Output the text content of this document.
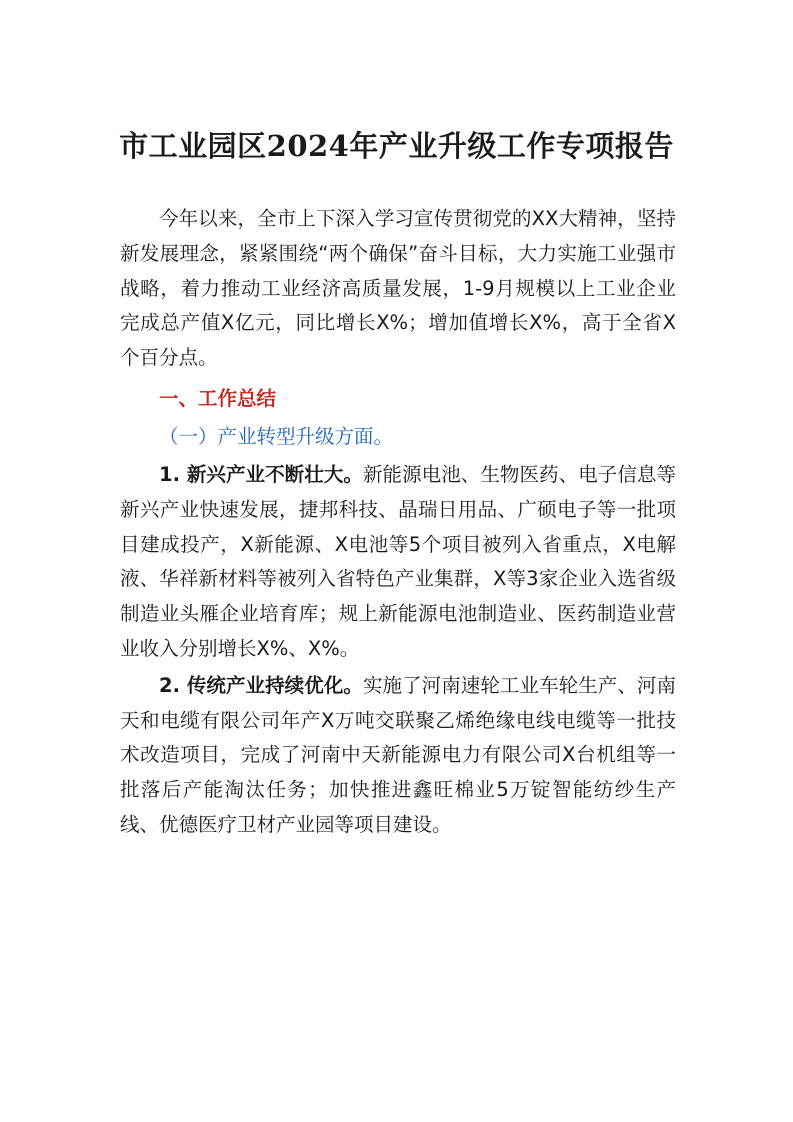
市工业园区2024年产业升级工作专项报告

今年以来，全市上下深入学习宣传贯彻党的XX大精神，坚持新发展理念，紧紧围绕“两个确保”奋斗目标，大力实施工业强市战略，着力推动工业经济高质量发展，1-9月规模以上工业企业完成总产值X亿元，同比增长X%；增加值增长X%，高于全省X个百分点。

一、工作总结

（一）产业转型升级方面。

1. 新兴产业不断壮大。新能源电池、生物医药、电子信息等新兴产业快速发展，捷邦科技、晶瑞日用品、广硕电子等一批项目建成投产，X新能源、X电池等5个项目被列入省重点，X电解液、华祥新材料等被列入省特色产业集群，X等3家企业入选省级制造业头雁企业培育库；规上新能源电池制造业、医药制造业营业收入分别增长X%、X%。

2. 传统产业持续优化。实施了河南速轮工业车轮生产、河南天和电缆有限公司年产X万吨交联聚乙烯绝缘电线电缆等一批技术改造项目，完成了河南中天新能源电力有限公司X台机组等一批落后产能淘汰任务；加快推进鑫旺棉业5万锭智能纺纱生产线、优德医疗卫材产业园等项目建设。
